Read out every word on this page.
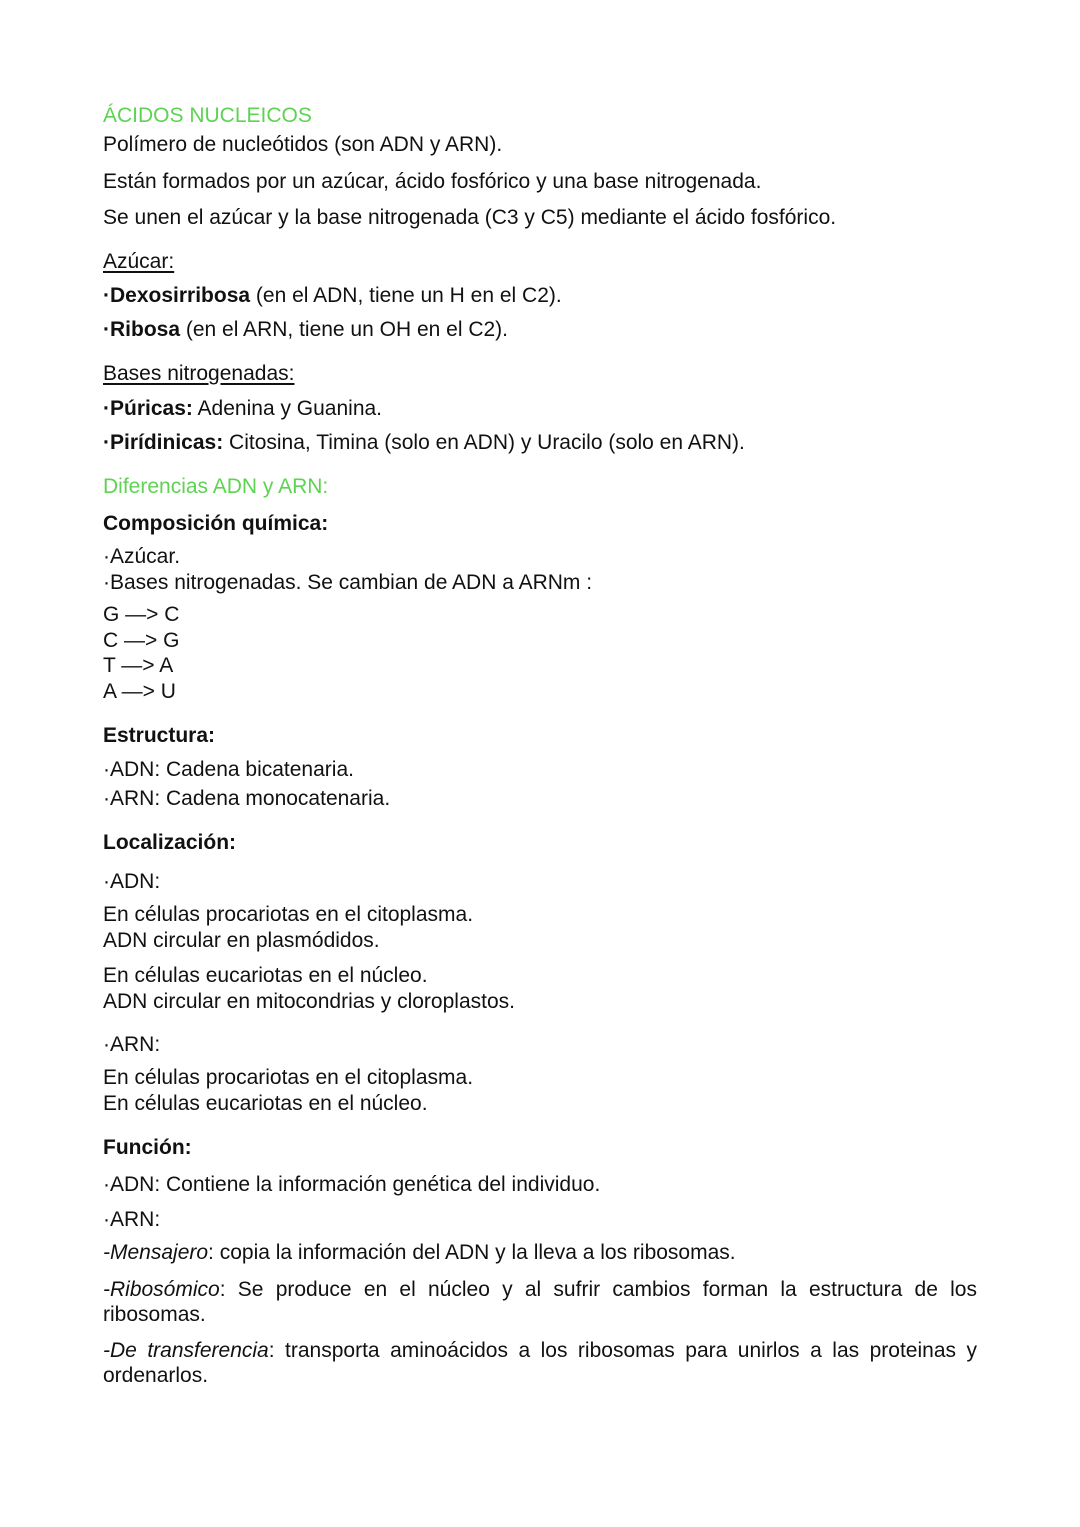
ÁCIDOS NUCLEICOS

Polímero de nucleótidos (son ADN y ARN).

Están formados por un azúcar, ácido fosfórico y una base nitrogenada.

Se unen el azúcar y la base nitrogenada (C3 y C5) mediante el ácido fosfórico.

Azúcar:

·Dexosirribosa (en el ADN, tiene un H en el C2).

·Ribosa (en el ARN, tiene un OH en el C2).

Bases nitrogenadas:

·Púricas: Adenina y Guanina.

·Pirídinicas: Citosina, Timina (solo en ADN) y Uracilo (solo en ARN).

Diferencias ADN y ARN:

Composición química:

·Azúcar.

·Bases nitrogenadas. Se cambian de ADN a ARNm :

G —> C

C —> G

T —> A

A —> U

Estructura:

·ADN: Cadena bicatenaria.

·ARN: Cadena monocatenaria.

Localización:

·ADN:

En células procariotas en el citoplasma.

ADN circular en plasmódidos.

En células eucariotas en el núcleo.

ADN circular en mitocondrias y cloroplastos.

·ARN:

En células procariotas en el citoplasma.

En células eucariotas en el núcleo.

Función:

·ADN: Contiene la información genética del individuo.

·ARN:

-Mensajero: copia la información del ADN y la lleva a los ribosomas.

-Ribosómico: Se produce en el núcleo y al sufrir cambios forman la estructura de los ribosomas.

-De transferencia: transporta aminoácidos a los ribosomas para unirlos a las proteinas y ordenarlos.
